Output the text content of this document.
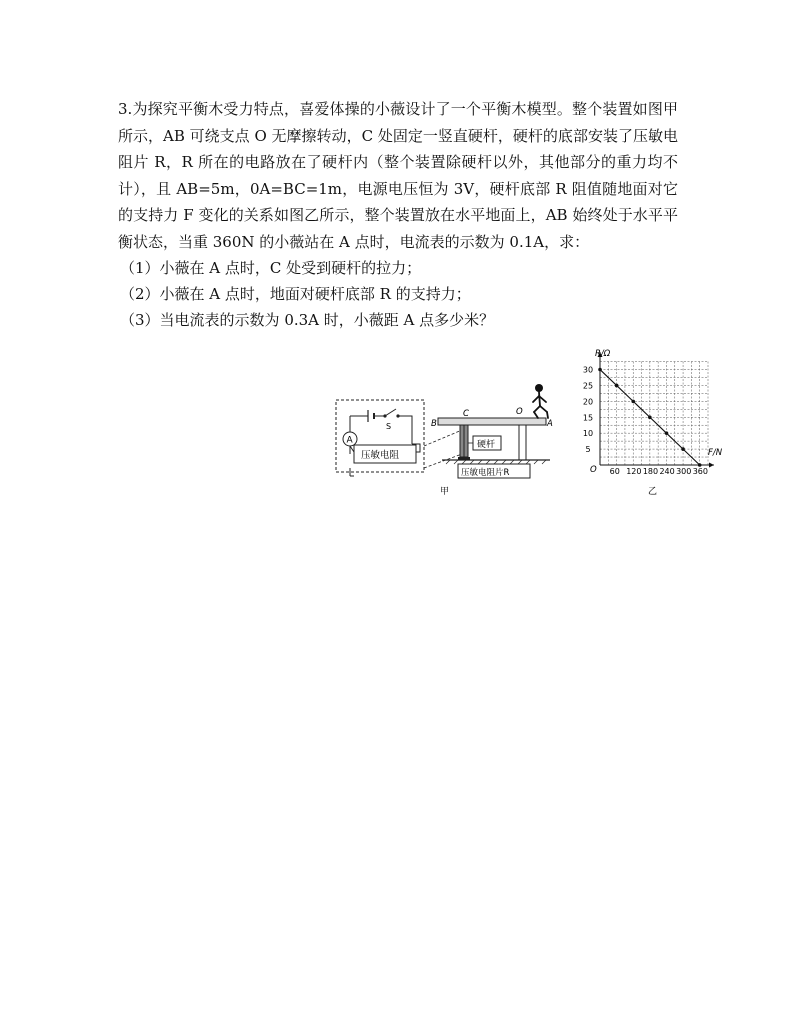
3.为探究平衡木受力特点，喜爱体操的小薇设计了一个平衡木模型。整个装置如图甲所示，AB 可绕支点 O 无摩擦转动，C 处固定一竖直硬杆，硬杆的底部安装了压敏电阻片 R，R 所在的电路放在了硬杆内（整个装置除硬杆以外，其他部分的重力均不计），且 AB=5m，0A=BC=1m，电源电压恒为 3V，硬杆底部 R 阻值随地面对它的支持力 F 变化的关系如图乙所示，整个装置放在水平地面上，AB 始终处于水平平衡状态，当重 360N 的小薇站在 A 点时，电流表的示数为 0.1A，求：

（1）小薇在 A 点时，C 处受到硬杆的拉力；

（2）小薇在 A 点时，地面对硬杆底部 R 的支持力；

（3）当电流表的示数为 0.3A 时，小薇距 A 点多少米？

S
A
压敏电阻
B
C	O
A
硬杆
压敏电阻片R
甲
60 120 180 240 300 360
5
10
15
20
25
30
R/Ω
F/N
O
乙
